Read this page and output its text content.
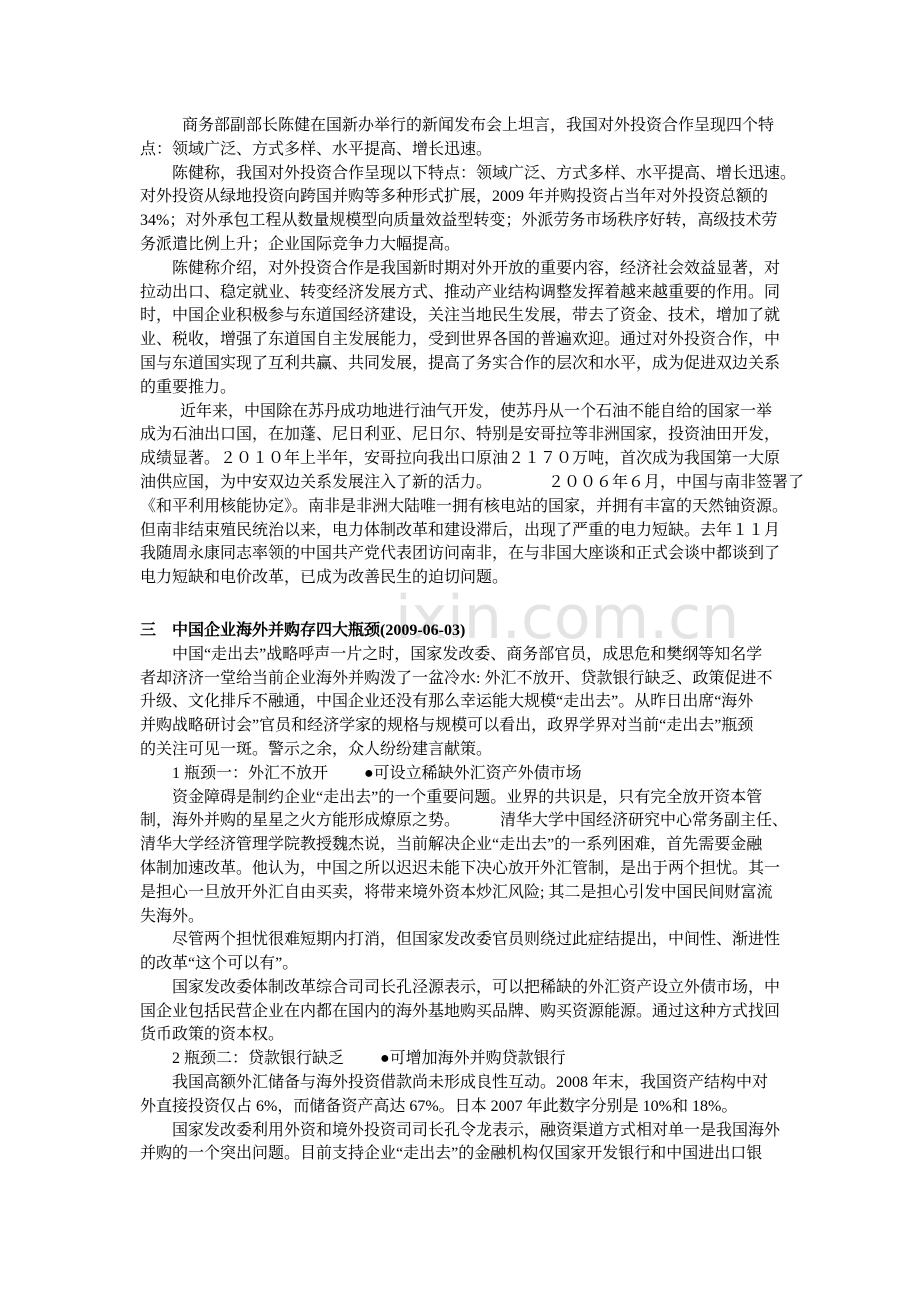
ixin.com.cn
商务部副部长陈健在国新办举行的新闻发布会上坦言，我国对外投资合作呈现四个特
点：领域广泛、方式多样、水平提高、增长迅速。
陈健称，我国对外投资合作呈现以下特点：领域广泛、方式多样、水平提高、增长迅速。
对外投资从绿地投资向跨国并购等多种形式扩展，2009 年并购投资占当年对外投资总额的
34%；对外承包工程从数量规模型向质量效益型转变；外派劳务市场秩序好转，高级技术劳
务派遣比例上升；企业国际竞争力大幅提高。
陈健称介绍，对外投资合作是我国新时期对外开放的重要内容，经济社会效益显著，对
拉动出口、稳定就业、转变经济发展方式、推动产业结构调整发挥着越来越重要的作用。同
时，中国企业积极参与东道国经济建设，关注当地民生发展，带去了资金、技术，增加了就
业、税收，增强了东道国自主发展能力，受到世界各国的普遍欢迎。通过对外投资合作，中
国与东道国实现了互利共赢、共同发展，提高了务实合作的层次和水平，成为促进双边关系
的重要推力。
近年来，中国除在苏丹成功地进行油气开发，使苏丹从一个石油不能自给的国家一举
成为石油出口国，在加蓬、尼日利亚、尼日尔、特别是安哥拉等非洲国家，投资油田开发，
成绩显著。２０１０年上半年，安哥拉向我出口原油２１７０万吨，首次成为我国第一大原
油供应国，为中安双边关系发展注入了新的活力。　　　　２００６年６月，中国与南非签署了
《和平利用核能协定》。南非是非洲大陆唯一拥有核电站的国家，并拥有丰富的天然铀资源。
但南非结束殖民统治以来，电力体制改革和建设滞后，出现了严重的电力短缺。去年１１月
我随周永康同志率领的中国共产党代表团访问南非，在与非国大座谈和正式会谈中都谈到了
电力短缺和电价改革，已成为改善民生的迫切问题。
三　中国企业海外并购存四大瓶颈(2009-06-03)
中国“走出去”战略呼声一片之时，国家发改委、商务部官员，成思危和樊纲等知名学
者却济济一堂给当前企业海外并购泼了一盆冷水: 外汇不放开、贷款银行缺乏、政策促进不
升级、文化排斥不融通，中国企业还没有那么幸运能大规模“走出去”。从昨日出席“海外
并购战略研讨会”官员和经济学家的规格与规模可以看出，政界学界对当前“走出去”瓶颈
的关注可见一斑。警示之余，众人纷纷建言献策。
1 瓶颈一：外汇不放开　　 ●可设立稀缺外汇资产外债市场
资金障碍是制约企业“走出去”的一个重要问题。业界的共识是，只有完全放开资本管
制，海外并购的星星之火方能形成燎原之势。　　　清华大学中国经济研究中心常务副主任、
清华大学经济管理学院教授魏杰说，当前解决企业“走出去”的一系列困难，首先需要金融
体制加速改革。他认为，中国之所以迟迟未能下决心放开外汇管制，是出于两个担忧。其一
是担心一旦放开外汇自由买卖，将带来境外资本炒汇风险; 其二是担心引发中国民间财富流
失海外。
尽管两个担忧很难短期内打消，但国家发改委官员则绕过此症结提出，中间性、渐进性
的改革“这个可以有”。
国家发改委体制改革综合司司长孔泾源表示，可以把稀缺的外汇资产设立外债市场，中
国企业包括民营企业在内都在国内的海外基地购买品牌、购买资源能源。通过这种方式找回
货币政策的资本权。
2 瓶颈二：贷款银行缺乏　　 ●可增加海外并购贷款银行
我国高额外汇储备与海外投资借款尚未形成良性互动。2008 年末，我国资产结构中对
外直接投资仅占 6%，而储备资产高达 67%。日本 2007 年此数字分别是 10%和 18%。
国家发改委利用外资和境外投资司司长孔令龙表示，融资渠道方式相对单一是我国海外
并购的一个突出问题。目前支持企业“走出去”的金融机构仅国家开发银行和中国进出口银
